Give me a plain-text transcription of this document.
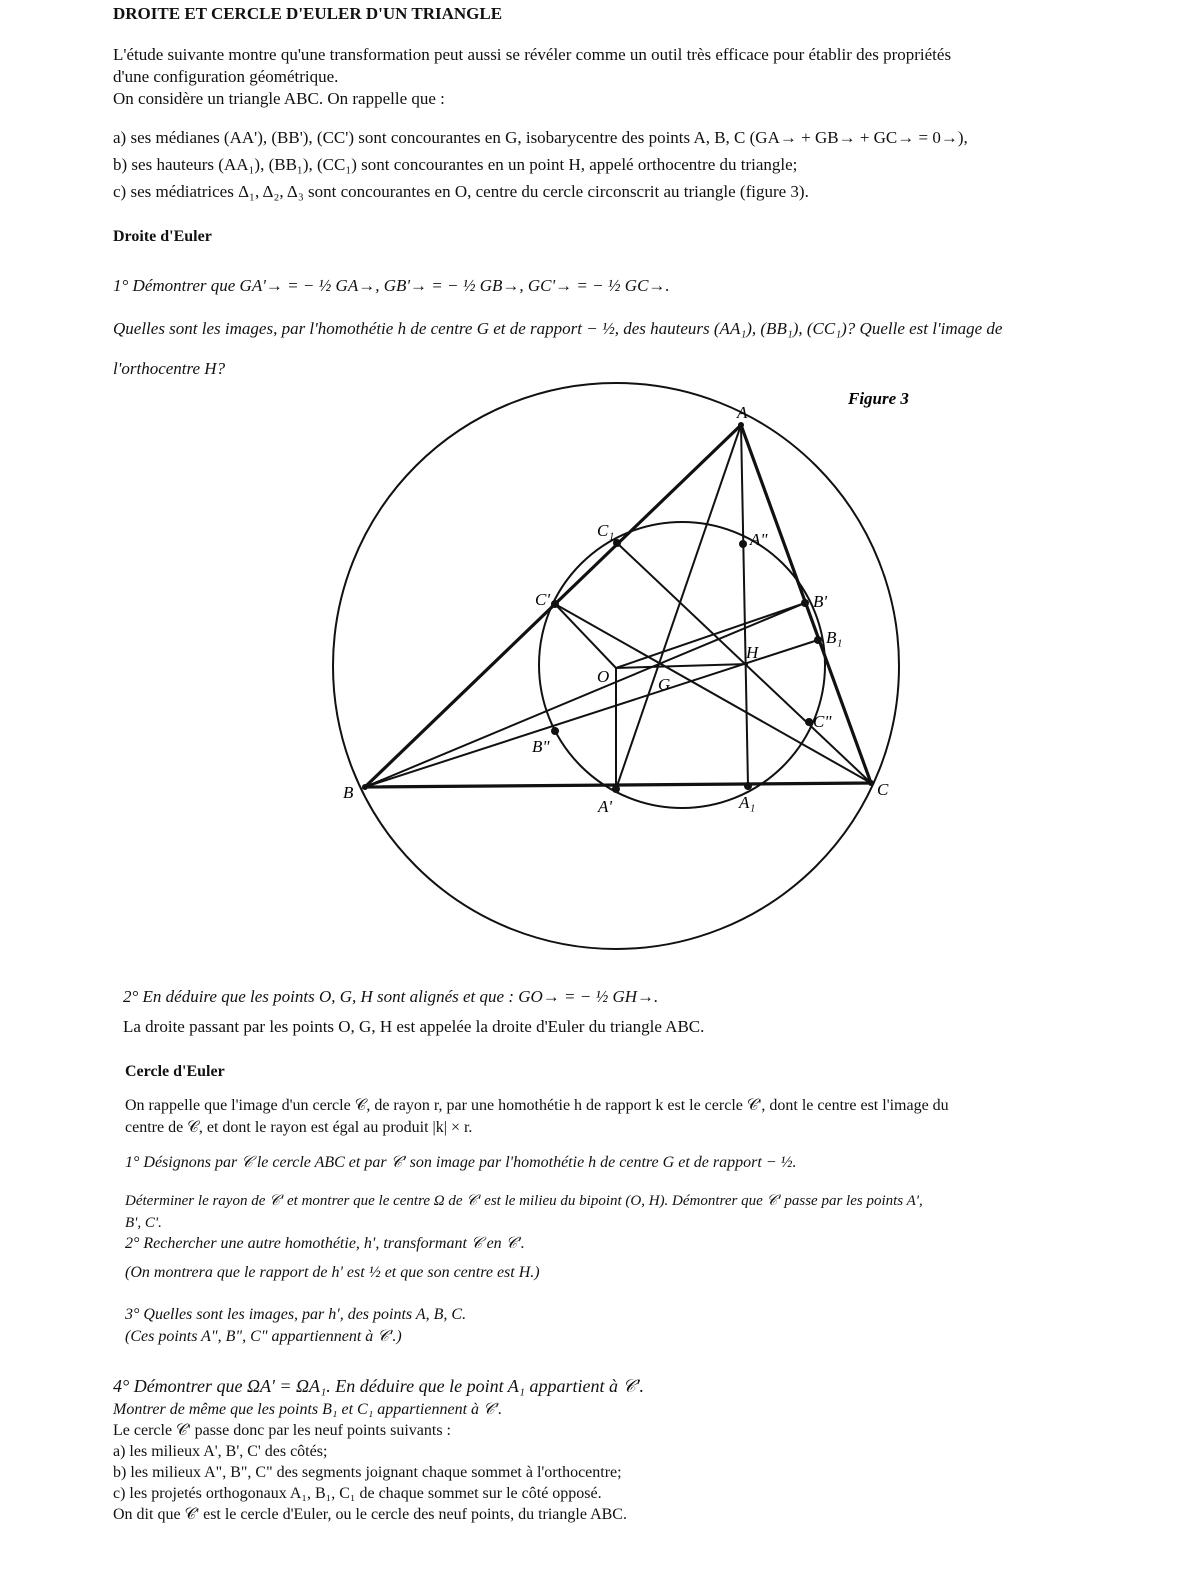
DROITE ET CERCLE D'EULER D'UN TRIANGLE
L'étude suivante montre qu'une transformation peut aussi se révéler comme un outil très efficace pour établir des propriétés
d'une configuration géométrique.
On considère un triangle ABC. On rappelle que :
a) ses médianes (AA'), (BB'), (CC') sont concourantes en G, isobarycentre des points A, B, C (GA→ + GB→ + GC→ = 0→),
b) ses hauteurs (AA₁), (BB₁), (CC₁) sont concourantes en un point H, appelé orthocentre du triangle;
c) ses médiatrices Δ₁, Δ₂, Δ₃ sont concourantes en O, centre du cercle circonscrit au triangle (figure 3).
Droite d'Euler
1° Démontrer que GA'→ = − ½ GA→, GB'→ = − ½ GB→, GC'→ = − ½ GC→.
Quelles sont les images, par l'homothétie h de centre G et de rapport − ½, des hauteurs (AA₁), (BB₁), (CC₁)? Quelle est l'image de
l'orthocentre H?
Figure 3
A
B	C
O	G
H
A'	A₁
B'
B₁
C'
C₁	A"
B"
C"
2° En déduire que les points O, G, H sont alignés et que : GO→ = − ½ GH→.
La droite passant par les points O, G, H est appelée la droite d'Euler du triangle ABC.
Cercle d'Euler
On rappelle que l'image d'un cercle 𝒞, de rayon r, par une homothétie h de rapport k est le cercle 𝒞', dont le centre est l'image du
centre de 𝒞, et dont le rayon est égal au produit |k| × r.
1° Désignons par 𝒞 le cercle ABC et par 𝒞' son image par l'homothétie h de centre G et de rapport − ½.
Déterminer le rayon de 𝒞' et montrer que le centre Ω de 𝒞' est le milieu du bipoint (O, H). Démontrer que 𝒞' passe par les points A',
B', C'.
2° Rechercher une autre homothétie, h', transformant 𝒞 en 𝒞'.
(On montrera que le rapport de h' est ½ et que son centre est H.)
3° Quelles sont les images, par h', des points A, B, C.
(Ces points A", B", C" appartiennent à 𝒞'.)
4° Démontrer que ΩA' = ΩA₁. En déduire que le point A₁ appartient à 𝒞'.
Montrer de même que les points B₁ et C₁ appartiennent à 𝒞'.
Le cercle 𝒞' passe donc par les neuf points suivants :
a) les milieux A', B', C' des côtés;
b) les milieux A", B", C" des segments joignant chaque sommet à l'orthocentre;
c) les projetés orthogonaux A₁, B₁, C₁ de chaque sommet sur le côté opposé.
On dit que 𝒞' est le cercle d'Euler, ou le cercle des neuf points, du triangle ABC.
